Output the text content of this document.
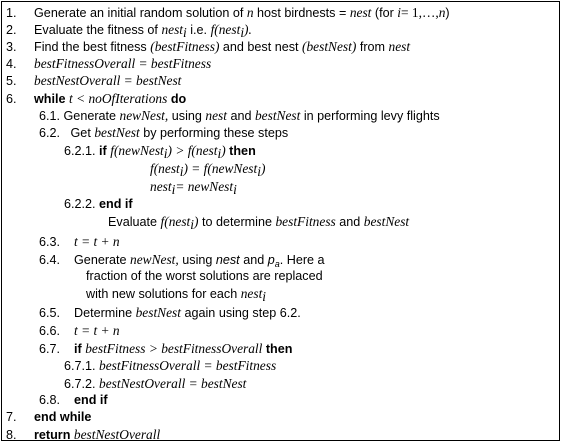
1. Generate an initial random solution of n host birdnests = nest (for i= 1,…,n)
2. Evaluate the fitness of nest$_i$ i.e. f(nest$_i$).
3. Find the best fitness (bestFitness) and best nest (bestNest) from nest
4. bestFitnessOverall = bestFitness
5. bestNestOverall = bestNest
6. while t < noOfIterations do
6.1. Generate newNest, using nest and bestNest in performing levy flights
6.2. Get bestNest by performing these steps
6.2.1. if f(newNest$_i$) > f(nest$_i$) then
f(nest$_i$) = f(newNest$_i$)
nest$_i$= newNest$_i$
6.2.2. end if
Evaluate f(nest$_i$) to determine bestFitness and bestNest
6.3. t = t + n
6.4. Generate newNest, using nest and $p_a$. Here a
fraction of the worst solutions are replaced
with new solutions for each nest$_i$
6.5. Determine bestNest again using step 6.2.
6.6. t = t + n
6.7. if bestFitness > bestFitnessOverall then
6.7.1. bestFitnessOverall = bestFitness
6.7.2. bestNestOverall = bestNest
6.8. end if
7. end while
8. return bestNestOverall
